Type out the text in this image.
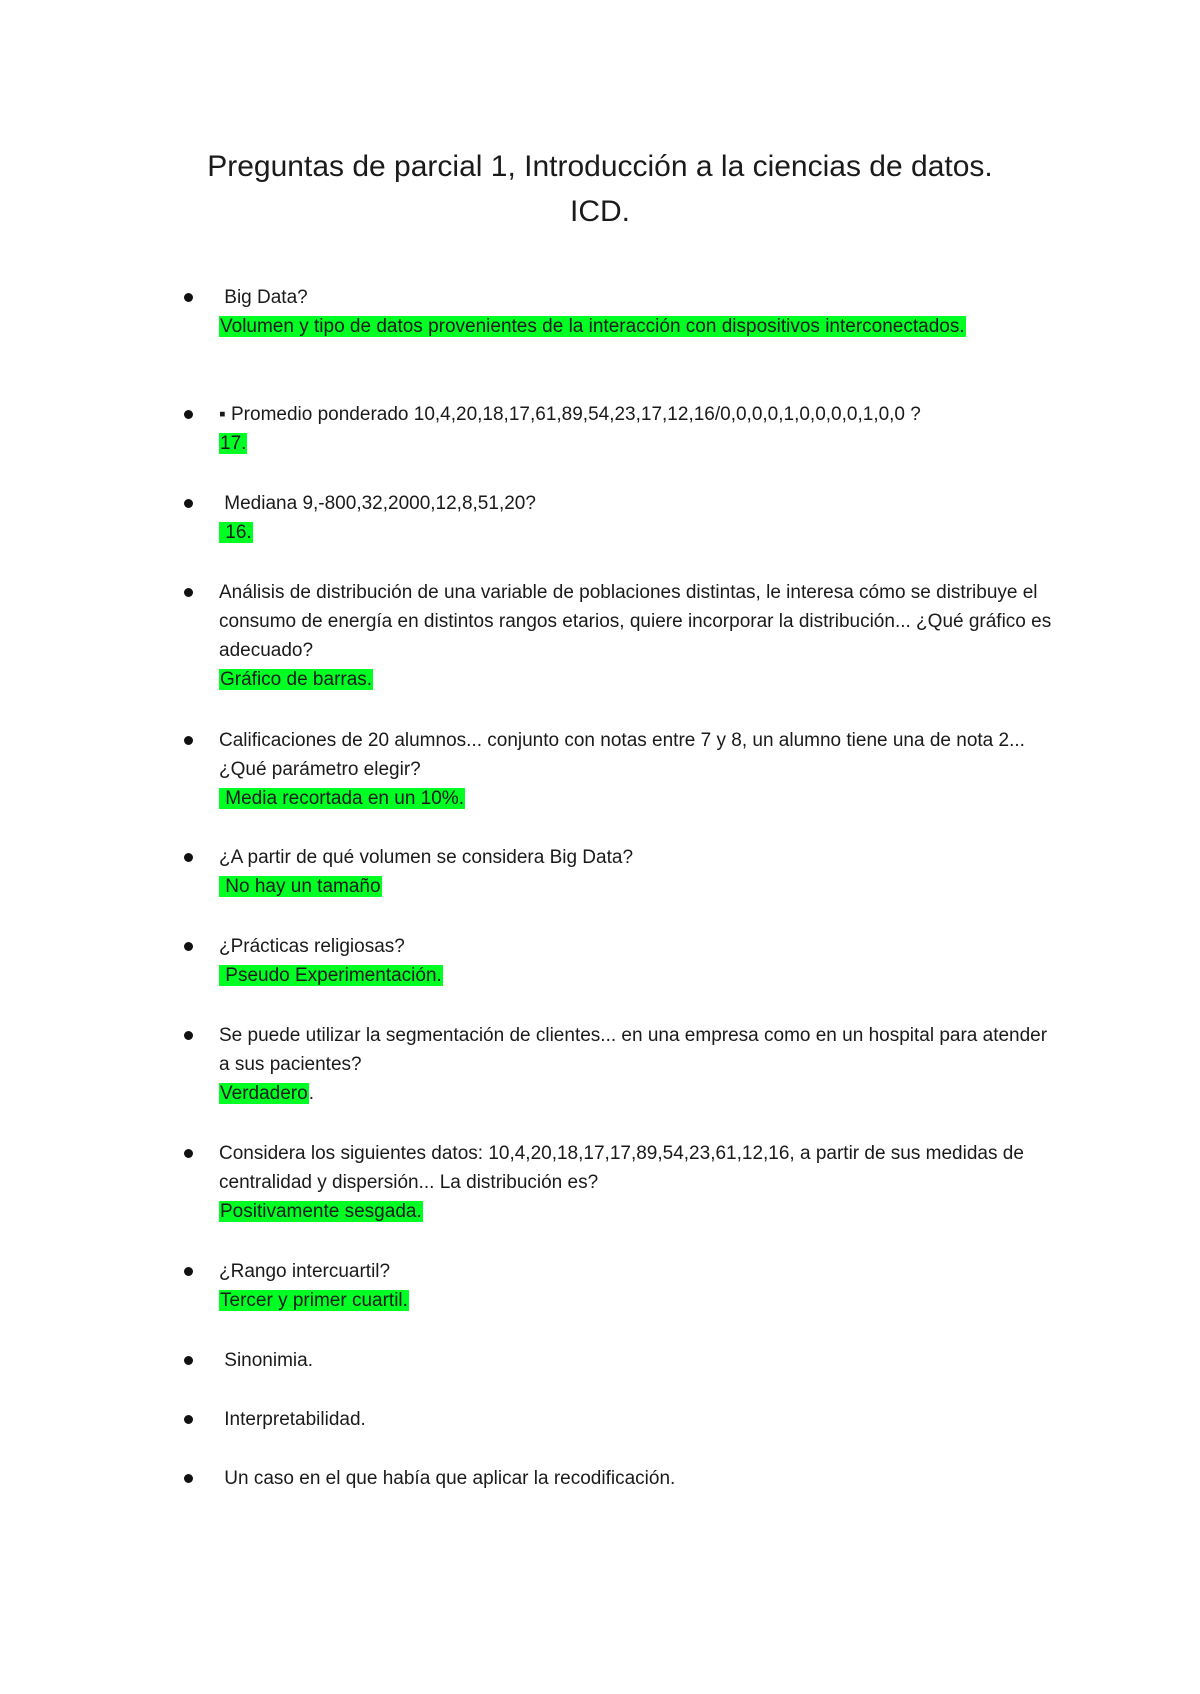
Preguntas de parcial 1, Introducción a la ciencias de datos.
ICD.
Big Data?
Volumen y tipo de datos provenientes de la interacción con dispositivos interconectados.
▪ Promedio ponderado 10,4,20,18,17,61,89,54,23,17,12,16/0,0,0,0,1,0,0,0,0,1,0,0 ?
17.
Mediana 9,-800,32,2000,12,8,51,20?
16.
Análisis de distribución de una variable de poblaciones distintas, le interesa cómo se distribuye el consumo de energía en distintos rangos etarios, quiere incorporar la distribución... ¿Qué gráfico es adecuado?
Gráfico de barras.
Calificaciones de 20 alumnos... conjunto con notas entre 7 y 8, un alumno tiene una de nota 2... ¿Qué parámetro elegir?
Media recortada en un 10%.
¿A partir de qué volumen se considera Big Data?
No hay un tamaño
¿Prácticas religiosas?
Pseudo Experimentación.
Se puede utilizar la segmentación de clientes... en una empresa como en un hospital para atender a sus pacientes?
Verdadero.
Considera los siguientes datos: 10,4,20,18,17,17,89,54,23,61,12,16, a partir de sus medidas de centralidad y dispersión... La distribución es?
Positivamente sesgada.
¿Rango intercuartil?
Tercer y primer cuartil.
Sinonimia.
Interpretabilidad.
Un caso en el que había que aplicar la recodificación.
